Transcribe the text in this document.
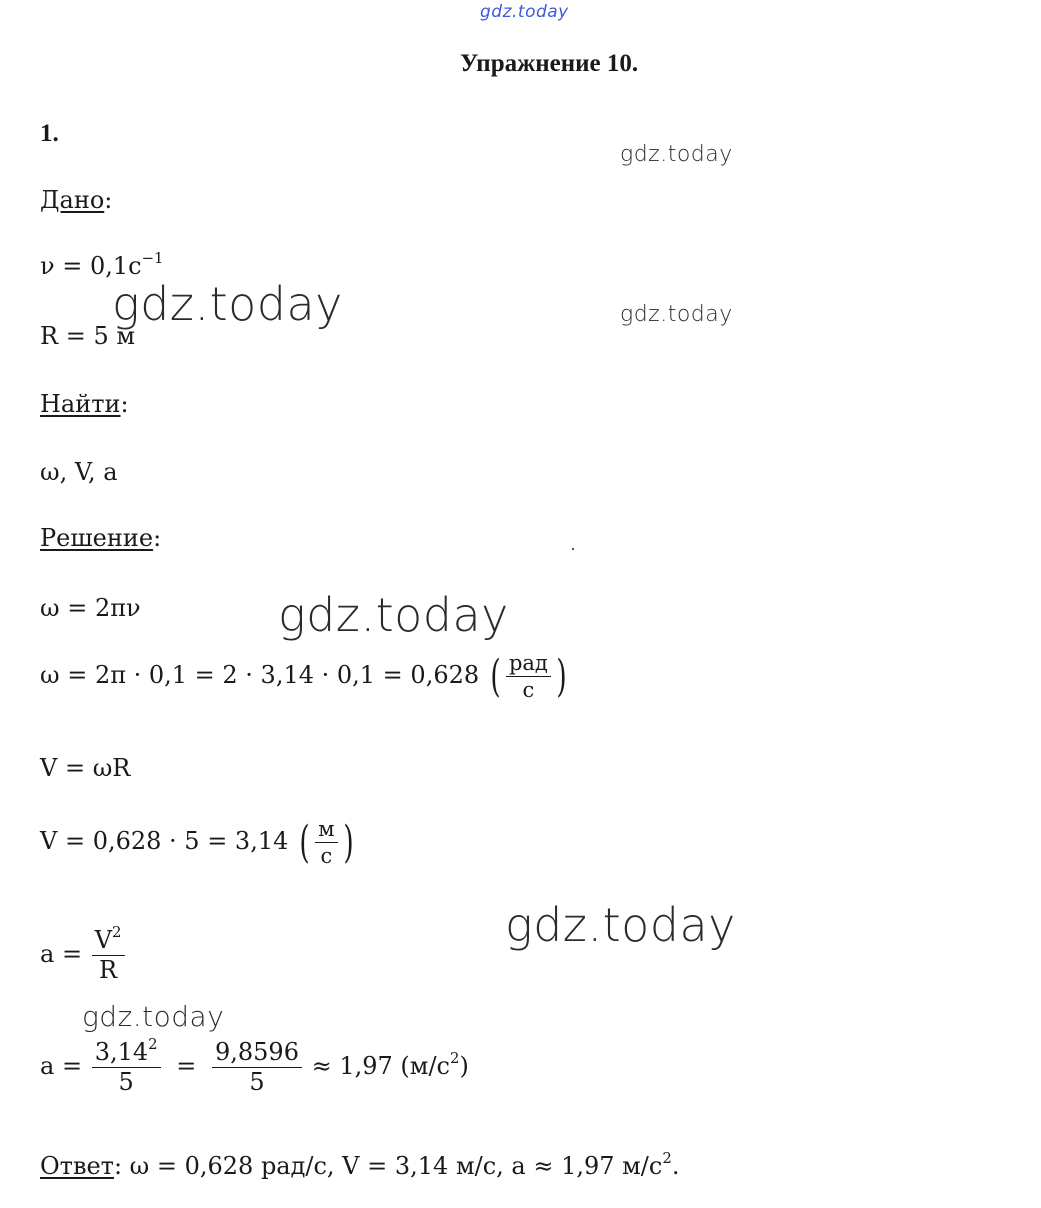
gdz.today
gdz.today
gdz.today
gdz.today
gdz.today
gdz.today
gdz.today
Упражнение 10.
1.
Дано:
$\nu = 0,1с^{-1}$
R = 5 м
Найти:
ω, V, a
Решение:
ω = 2πν
ω = 2π · 0,1 = 2 · 3,14 · 0,1 = 0,628 ( $\frac{\text{рад}}{с}$ )
V = ωR
V = 0,628 · 5 = 3,14 ( $\frac{м}{с}$ )
$a = \frac{V^2}{R}$
$a = \frac{3,14^2}{5} = \frac{9,8596}{5} \approx 1,97$ $(м/с^2)$
Ответ: ω = 0,628 рад/с, V = 3,14 м/с, a ≈ 1,97 $м/с^2$.
